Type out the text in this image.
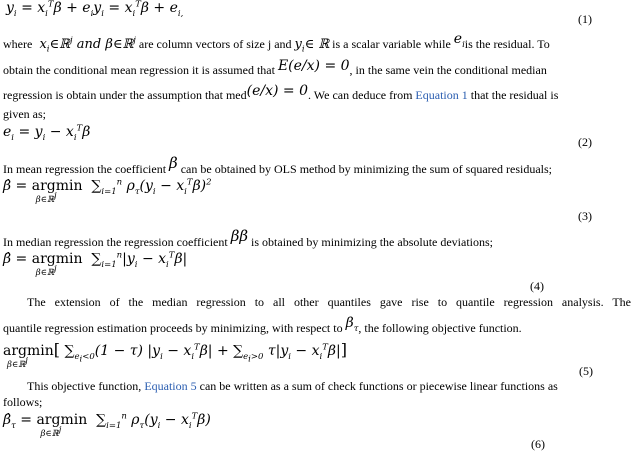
$y_i = x_i^T\beta + e_iy_i = x_i^T\beta + e_{i,}$	(1)
where  $x_i\in ℝ^j$ and β∈ℝ$^j$ are column vectors of size j and $y_i\in$ ℝ is a scalar variable while $e_iis$ the residual. To
obtain the conditional mean regression it is assumed that E(e/x) = 0, in the same vein the conditional median
regression is obtain under the assumption that med(e/x) = 0. We can deduce from Equation 1 that the residual is
given as;
$e_i = y_i - x_i^T\beta$
(2)
In mean regression the coefficient β can be obtained by OLS method by minimizing the sum of squared residuals;
β̂ = argmin
β∈ℝ$^j$
$\sum_{i=1}^n$ $\rho_\tau(y_i - x_i^T\beta)^2$
(3)
In median regression the regression coefficient ββ is obtained by minimizing the absolute deviations;
β̂ = argmin
β∈ℝ$^j$
$\sum_{i=1}^n|y_i - x_i^T\beta|$
(4)
The extension of the median regression to all other quantiles gave rise to quantile regression analysis. The
quantile regression estimation proceeds by minimizing, with respect to $\beta_\tau$, the following objective function.
argmin
β∈ℝ$^j$
[ $\sum_{e_i<0}(1 - \tau) |y_i - x_i^T\beta| + \sum_{e_i>0}$ $\tau|y_i - x_i^T\beta|$]
(5)
This objective function, Equation 5 can be written as a sum of check functions or piecewise linear functions as
follows;
$\betâ_\tau = argmin$
β∈ℝ$^j$
$\sum_{i=1}^n$ $\rho_\tau(y_i - x_i^T\beta)$
(6)
